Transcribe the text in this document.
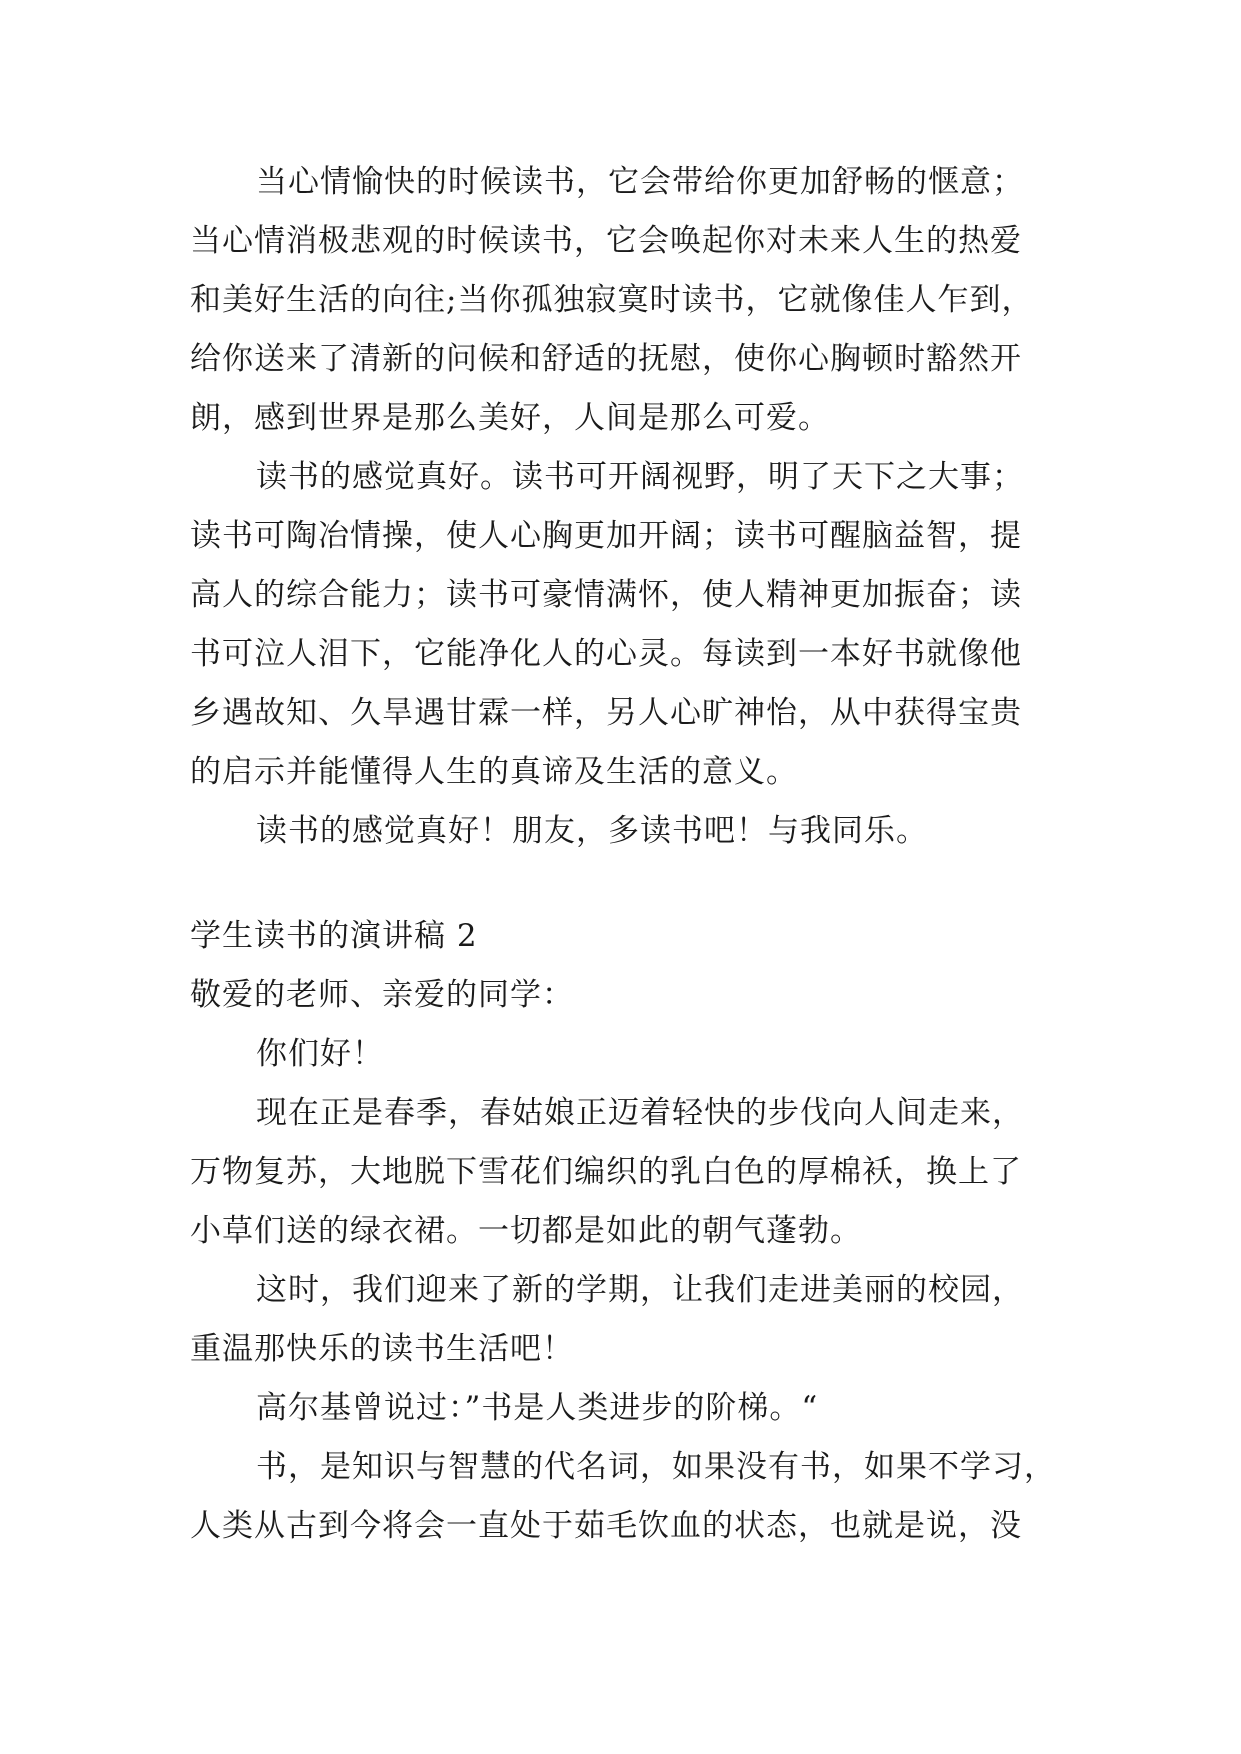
当心情愉快的时候读书，它会带给你更加舒畅的惬意；
当心情消极悲观的时候读书，它会唤起你对未来人生的热爱
和美好生活的向往;当你孤独寂寞时读书，它就像佳人乍到，
给你送来了清新的问候和舒适的抚慰，使你心胸顿时豁然开
朗，感到世界是那么美好，人间是那么可爱。
读书的感觉真好。读书可开阔视野，明了天下之大事；
读书可陶冶情操，使人心胸更加开阔；读书可醒脑益智，提
高人的综合能力；读书可豪情满怀，使人精神更加振奋；读
书可泣人泪下，它能净化人的心灵。每读到一本好书就像他
乡遇故知、久旱遇甘霖一样，另人心旷神怡，从中获得宝贵
的启示并能懂得人生的真谛及生活的意义。
读书的感觉真好！朋友，多读书吧！与我同乐。
学生读书的演讲稿 2
敬爱的老师、亲爱的同学：
你们好！
现在正是春季，春姑娘正迈着轻快的步伐向人间走来，
万物复苏，大地脱下雪花们编织的乳白色的厚棉袄，换上了
小草们送的绿衣裙。一切都是如此的朝气蓬勃。
这时，我们迎来了新的学期，让我们走进美丽的校园，
重温那快乐的读书生活吧！
高尔基曾说过：”书是人类进步的阶梯。“
书，是知识与智慧的代名词，如果没有书，如果不学习，
人类从古到今将会一直处于茹毛饮血的状态，也就是说，没
